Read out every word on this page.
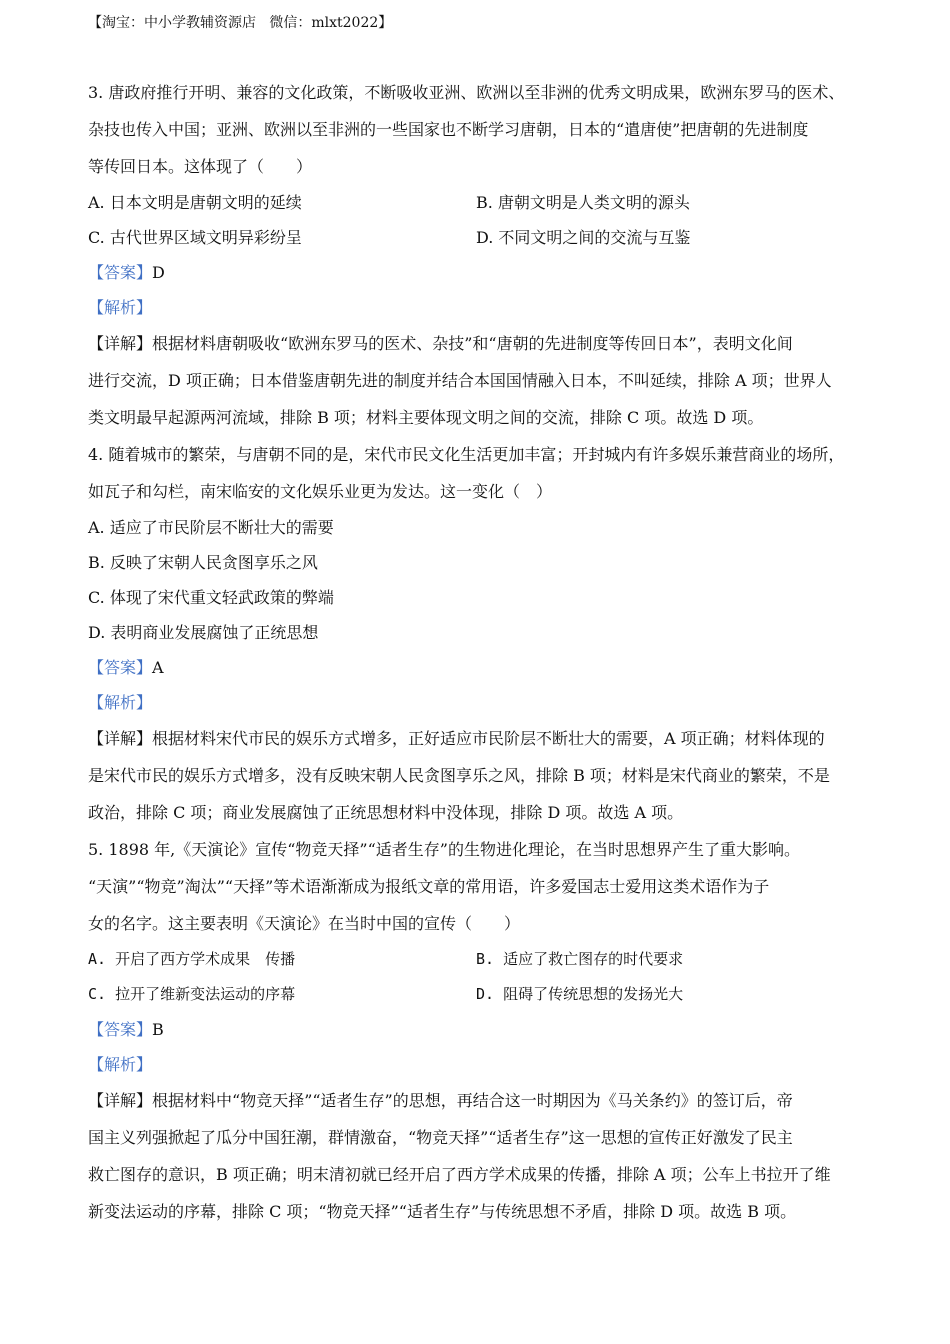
【淘宝：中小学教辅资源店   微信：mlxt2022】
3. 唐政府推行开明、兼容的文化政策，不断吸收亚洲、欧洲以至非洲的优秀文明成果，欧洲东罗马的医术、
杂技也传入中国；亚洲、欧洲以至非洲的一些国家也不断学习唐朝，日本的“遣唐使”把唐朝的先进制度
等传回日本。这体现了（　　）
A. 日本文明是唐朝文明的延续	B. 唐朝文明是人类文明的源头
C. 古代世界区域文明异彩纷呈	D. 不同文明之间的交流与互鉴
【答案】D
【解析】
【详解】根据材料唐朝吸收“欧洲东罗马的医术、杂技”和“唐朝的先进制度等传回日本”，表明文化间
进行交流，D 项正确；日本借鉴唐朝先进的制度并结合本国国情融入日本，不叫延续，排除 A 项；世界人
类文明最早起源两河流域，排除 B 项；材料主要体现文明之间的交流，排除 C 项。故选 D 项。
4. 随着城市的繁荣，与唐朝不同的是，宋代市民文化生活更加丰富；开封城内有许多娱乐兼营商业的场所，
如瓦子和勾栏，南宋临安的文化娱乐业更为发达。这一变化（　）
A. 适应了市民阶层不断壮大的需要
B. 反映了宋朝人民贪图享乐之风
C. 体现了宋代重文轻武政策的弊端
D. 表明商业发展腐蚀了正统思想
【答案】A
【解析】
【详解】根据材料宋代市民的娱乐方式增多，正好适应市民阶层不断壮大的需要，A 项正确；材料体现的
是宋代市民的娱乐方式增多，没有反映宋朝人民贪图享乐之风，排除 B 项；材料是宋代商业的繁荣，不是
政治，排除 C 项；商业发展腐蚀了正统思想材料中没体现，排除 D 项。故选 A 项。
5. 1898 年,《天演论》宣传“物竞天择”“适者生存”的生物进化理论，在当时思想界产生了重大影响。
“天演”“物竞”淘汰”“天择”等术语渐渐成为报纸文章的常用语，许多爱国志士爱用这类术语作为子
女的名字。这主要表明《天演论》在当时中国的宣传（　　）
A. 开启了西方学术成果　传播	B. 适应了救亡图存的时代要求
C. 拉开了维新变法运动的序幕	D. 阻碍了传统思想的发扬光大
【答案】B
【解析】
【详解】根据材料中“物竞天择”“适者生存”的思想，再结合这一时期因为《马关条约》的签订后，帝
国主义列强掀起了瓜分中国狂潮，群情激奋，“物竞天择”“适者生存”这一思想的宣传正好激发了民主
救亡图存的意识，B 项正确；明末清初就已经开启了西方学术成果的传播，排除 A 项；公车上书拉开了维
新变法运动的序幕，排除 C 项；“物竞天择”“适者生存”与传统思想不矛盾，排除 D 项。故选 B 项。
